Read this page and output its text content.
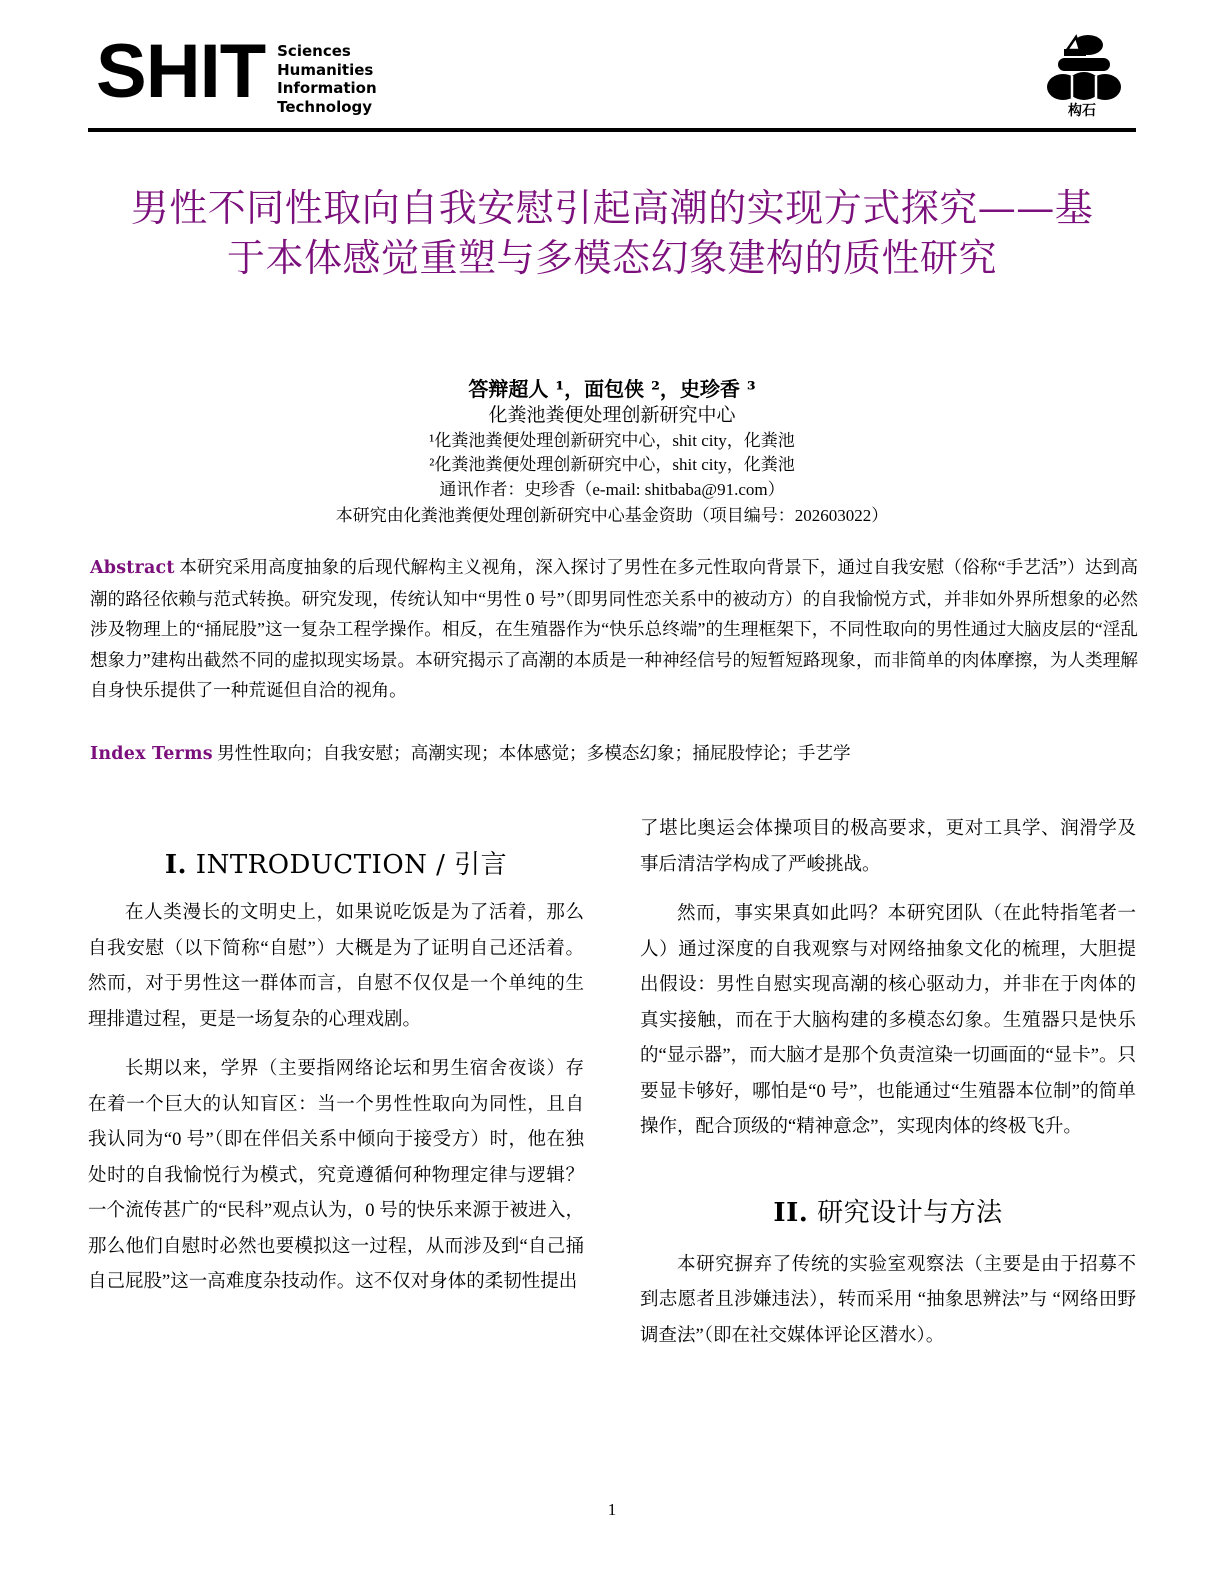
SHIT Sciences
Humanities
Information
Technology	构石
男性不同性取向自我安慰引起高潮的实现方式探究——基于本体感觉重塑与多模态幻象建构的质性研究
答辩超人 ¹，面包侠 ²，史珍香 ³
化粪池粪便处理创新研究中心
¹化粪池粪便处理创新研究中心，shit city，化粪池
²化粪池粪便处理创新研究中心，shit city，化粪池
通讯作者：史珍香（e-mail: shitbaba@91.com）
本研究由化粪池粪便处理创新研究中心基金资助（项目编号：202603022）
Abstract 本研究采用高度抽象的后现代解构主义视角，深入探讨了男性在多元性取向背景下，通过自我安慰（俗称“手艺活”）达到高潮的路径依赖与范式转换。研究发现，传统认知中“男性 0 号”（即男同性恋关系中的被动方）的自我愉悦方式，并非如外界所想象的必然涉及物理上的“捅屁股”这一复杂工程学操作。相反，在生殖器作为“快乐总终端”的生理框架下，不同性取向的男性通过大脑皮层的“淫乱想象力”建构出截然不同的虚拟现实场景。本研究揭示了高潮的本质是一种神经信号的短暂短路现象，而非简单的肉体摩擦，为人类理解自身快乐提供了一种荒诞但自洽的视角。
Index Terms 男性性取向；自我安慰；高潮实现；本体感觉；多模态幻象；捅屁股悖论；手艺学
I. INTRODUCTION / 引言

在人类漫长的文明史上，如果说吃饭是为了活着，那么自我安慰（以下简称“自慰”）大概是为了证明自己还活着。然而，对于男性这一群体而言，自慰不仅仅是一个单纯的生理排遣过程，更是一场复杂的心理戏剧。

长期以来，学界（主要指网络论坛和男生宿舍夜谈）存在着一个巨大的认知盲区：当一个男性性取向为同性，且自我认同为“0 号”（即在伴侣关系中倾向于接受方）时，他在独处时的自我愉悦行为模式，究竟遵循何种物理定律与逻辑？一个流传甚广的“民科”观点认为，0 号的快乐来源于被进入，那么他们自慰时必然也要模拟这一过程，从而涉及到“自己捅自己屁股”这一高难度杂技动作。这不仅对身体的柔韧性提出

了堪比奥运会体操项目的极高要求，更对工具学、润滑学及事后清洁学构成了严峻挑战。

然而，事实果真如此吗？本研究团队（在此特指笔者一人）通过深度的自我观察与对网络抽象文化的梳理，大胆提出假设：男性自慰实现高潮的核心驱动力，并非在于肉体的真实接触，而在于大脑构建的多模态幻象。生殖器只是快乐的“显示器”，而大脑才是那个负责渲染一切画面的“显卡”。只要显卡够好，哪怕是“0 号”，也能通过“生殖器本位制”的简单操作，配合顶级的“精神意念”，实现肉体的终极飞升。

II. 研究设计与方法

本研究摒弃了传统的实验室观察法（主要是由于招募不到志愿者且涉嫌违法），转而采用 “抽象思辨法”与 “网络田野调查法”（即在社交媒体评论区潜水）。

1
